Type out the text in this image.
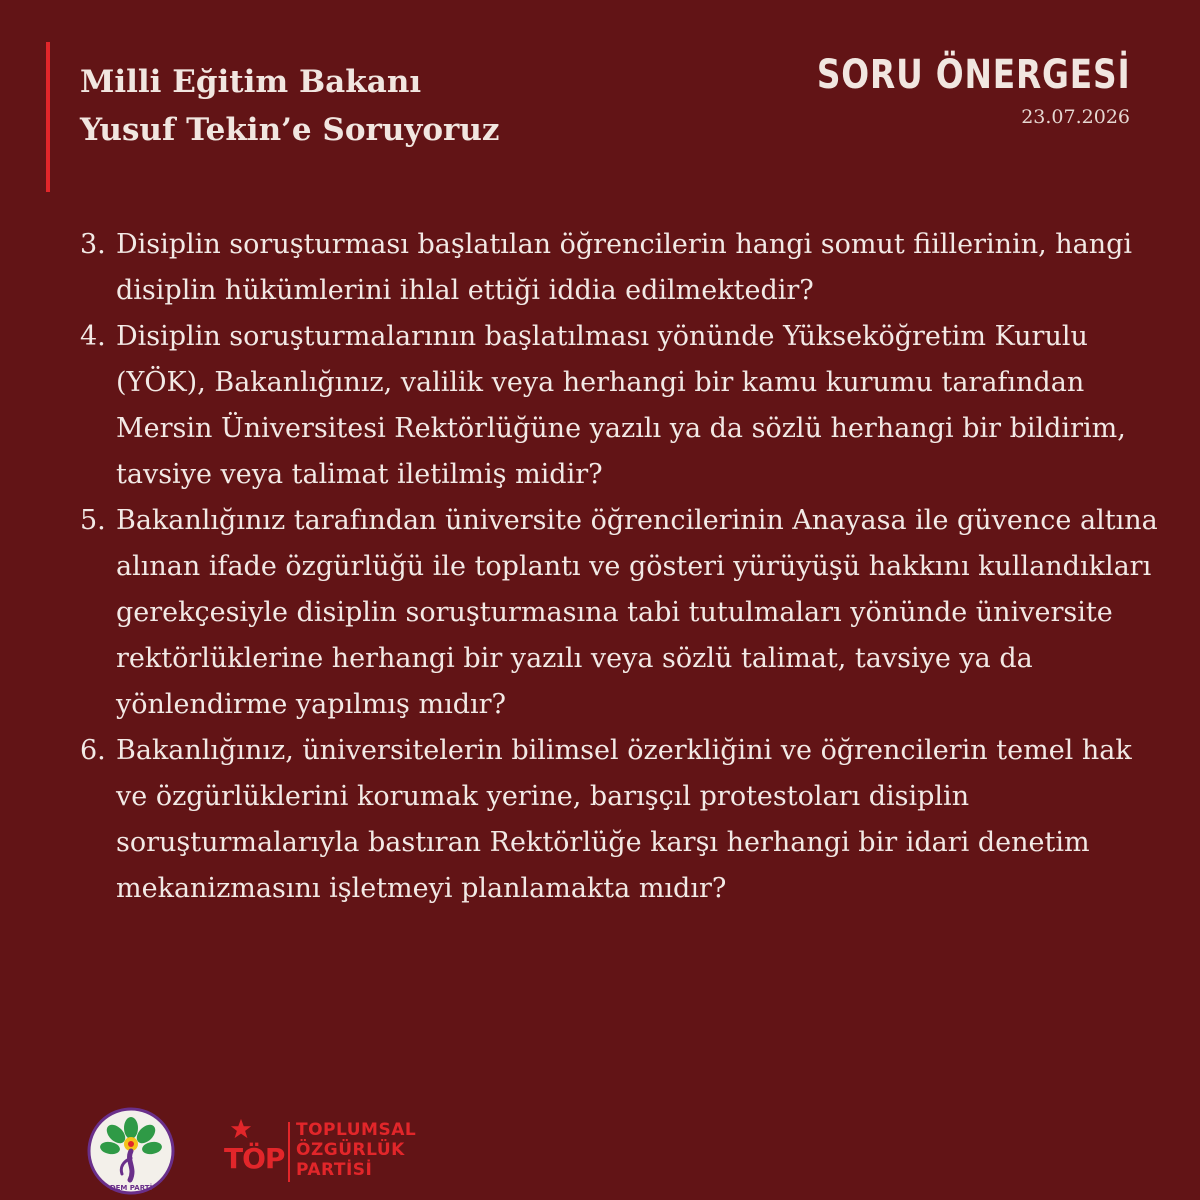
Milli Eğitim Bakanı
Yusuf Tekin’e Soruyoruz
SORU ÖNERGESİ
23.07.2026
3. Disiplin soruşturması başlatılan öğrencilerin hangi somut fiillerinin, hangi disiplin hükümlerini ihlal ettiği iddia edilmektedir?
4. Disiplin soruşturmalarının başlatılması yönünde Yükseköğretim Kurulu (YÖK), Bakanlığınız, valilik veya herhangi bir kamu kurumu tarafından Mersin Üniversitesi Rektörlüğüne yazılı ya da sözlü herhangi bir bildirim, tavsiye veya talimat iletilmiş midir?
5. Bakanlığınız tarafından üniversite öğrencilerinin Anayasa ile güvence altına alınan ifade özgürlüğü ile toplantı ve gösteri yürüyüşü hakkını kullandıkları gerekçesiyle disiplin soruşturmasına tabi tutulmaları yönünde üniversite rektörlüklerine herhangi bir yazılı veya sözlü talimat, tavsiye ya da yönlendirme yapılmış mıdır?
6. Bakanlığınız, üniversitelerin bilimsel özerkliğini ve öğrencilerin temel hak ve özgürlüklerini korumak yerine, barışçıl protestoları disiplin soruşturmalarıyla bastıran Rektörlüğe karşı herhangi bir idari denetim mekanizmasını işletmeyi planlamakta mıdır?
DEM PARTİ
TÖP
TOPLUMSAL
ÖZGÜRLÜK
PARTİSİ
